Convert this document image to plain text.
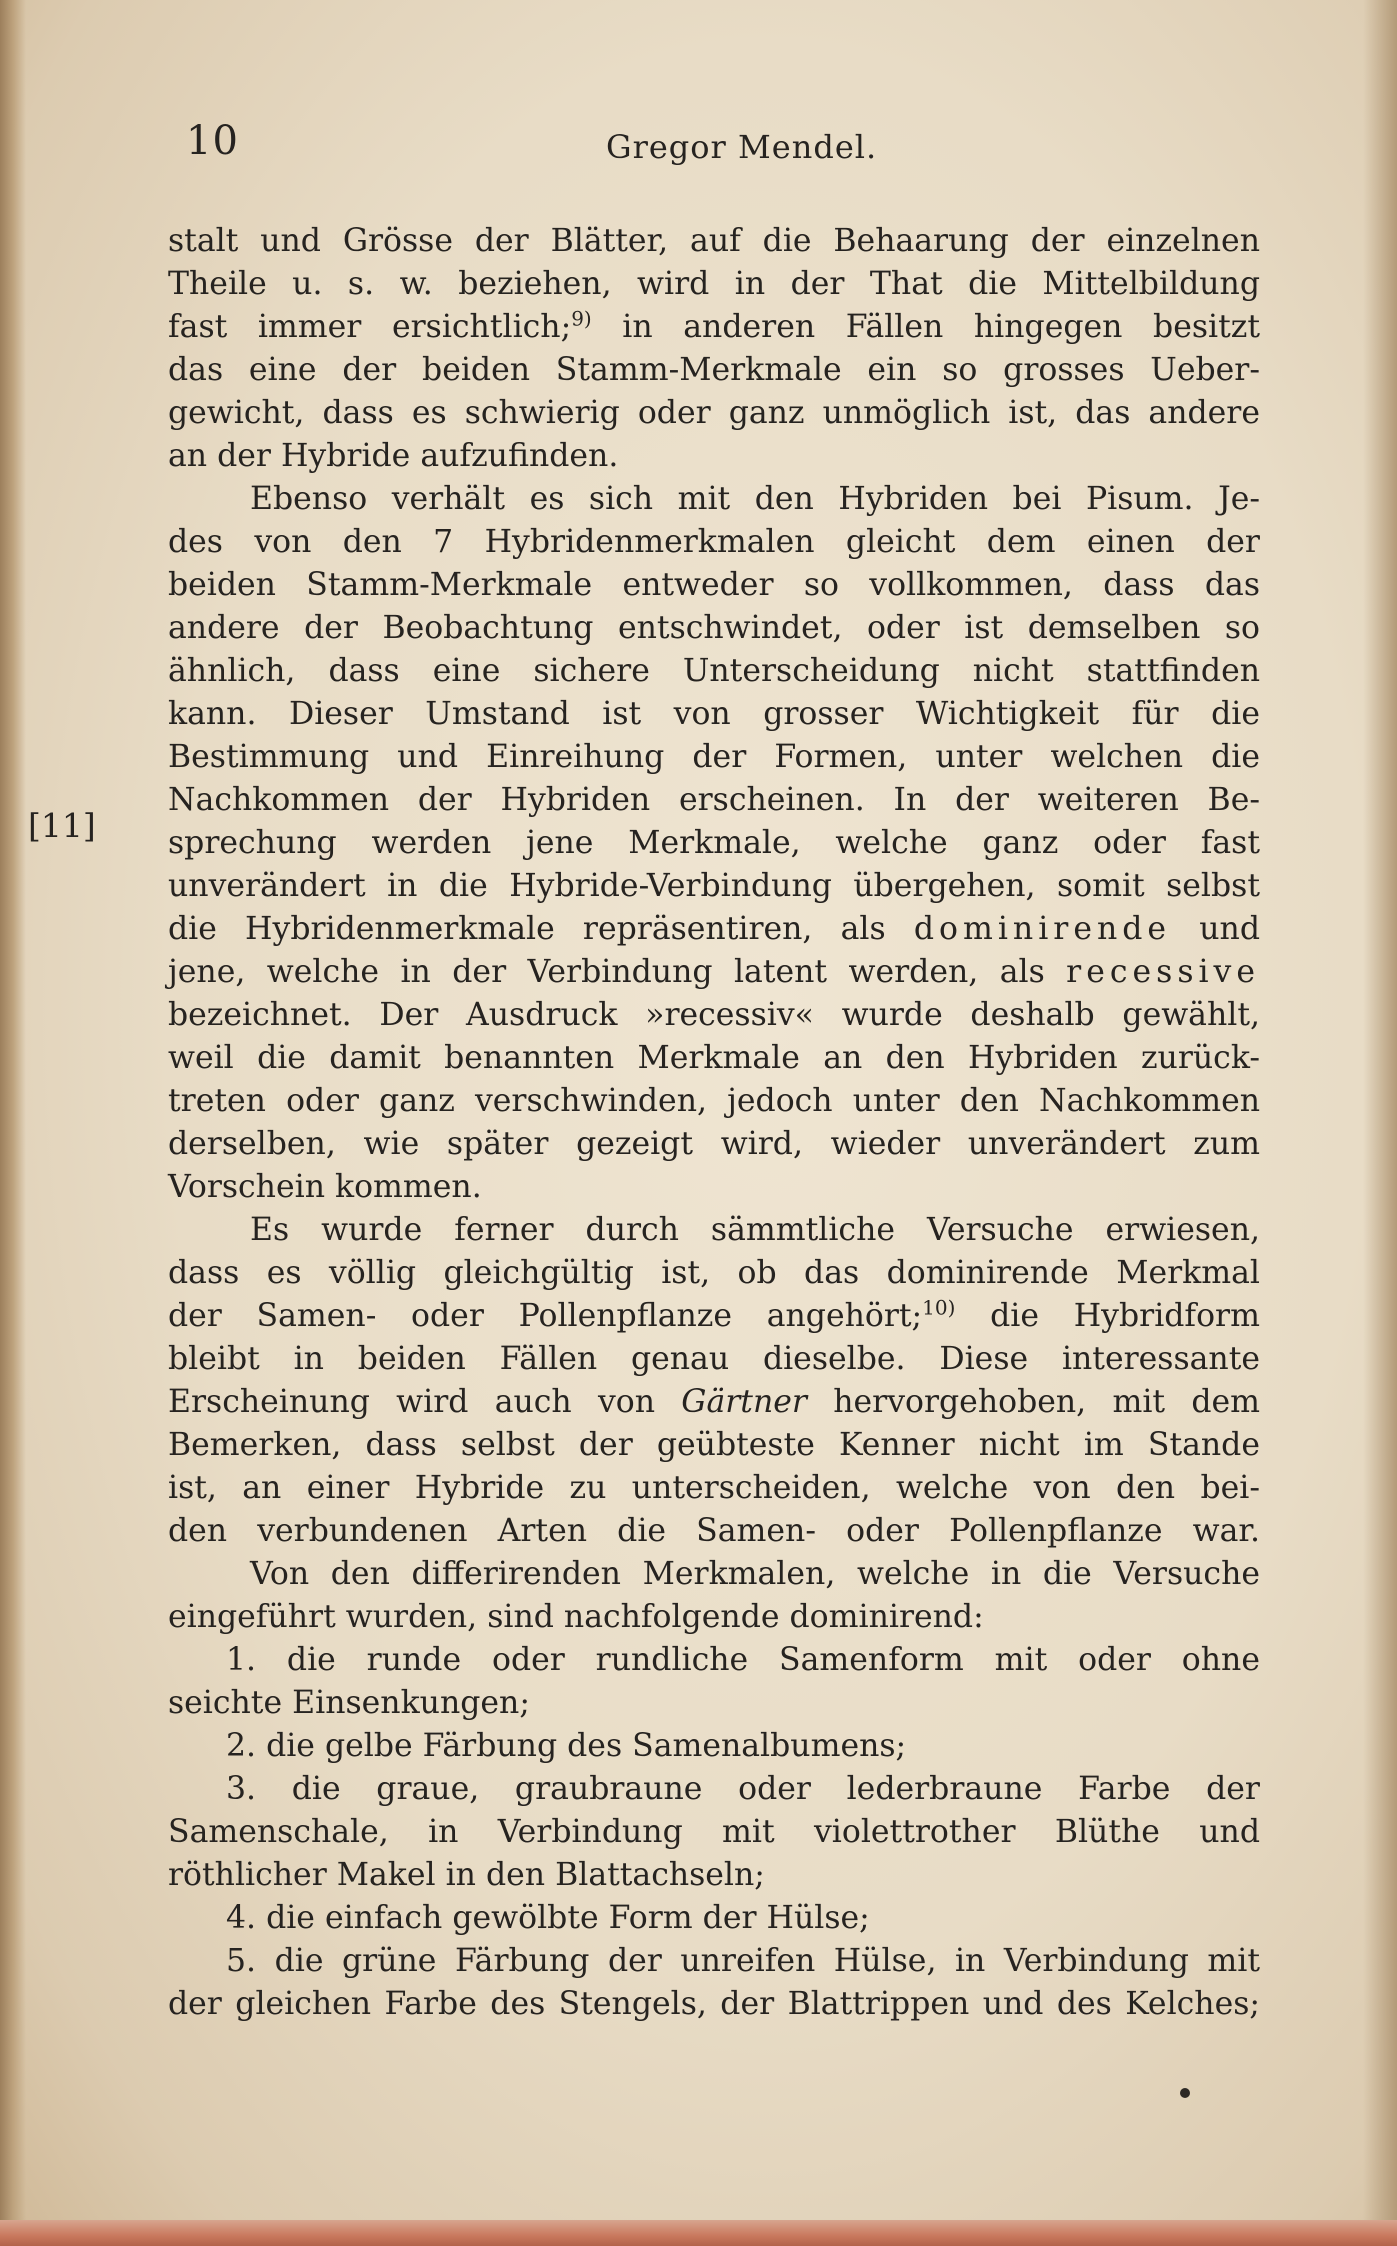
10	Gregor Mendel.
[11]
stalt und Grösse der Blätter, auf die Behaarung der einzelnen
Theile u. s. w. beziehen, wird in der That die Mittelbildung
fast immer ersichtlich;$^{9)}$ in anderen Fällen hingegen besitzt
das eine der beiden Stamm-Merkmale ein so grosses Ueber-
gewicht, dass es schwierig oder ganz unmöglich ist, das andere
an der Hybride aufzufinden.
Ebenso verhält es sich mit den Hybriden bei Pisum. Je-
des von den 7 Hybridenmerkmalen gleicht dem einen der
beiden Stamm-Merkmale entweder so vollkommen, dass das
andere der Beobachtung entschwindet, oder ist demselben so
ähnlich, dass eine sichere Unterscheidung nicht stattfinden
kann. Dieser Umstand ist von grosser Wichtigkeit für die
Bestimmung und Einreihung der Formen, unter welchen die
Nachkommen der Hybriden erscheinen. In der weiteren Be-
sprechung werden jene Merkmale, welche ganz oder fast
unverändert in die Hybride-Verbindung übergehen, somit selbst
die Hybridenmerkmale repräsentiren, als dominirende und
jene, welche in der Verbindung latent werden, als recessive
bezeichnet. Der Ausdruck »recessiv« wurde deshalb gewählt,
weil die damit benannten Merkmale an den Hybriden zurück-
treten oder ganz verschwinden, jedoch unter den Nachkommen
derselben, wie später gezeigt wird, wieder unverändert zum
Vorschein kommen.
Es wurde ferner durch sämmtliche Versuche erwiesen,
dass es völlig gleichgültig ist, ob das dominirende Merkmal
der Samen- oder Pollenpflanze angehört;$^{10)}$ die Hybridform
bleibt in beiden Fällen genau dieselbe. Diese interessante
Erscheinung wird auch von Gärtner hervorgehoben, mit dem
Bemerken, dass selbst der geübteste Kenner nicht im Stande
ist, an einer Hybride zu unterscheiden, welche von den bei-
den verbundenen Arten die Samen- oder Pollenpflanze war.
Von den differirenden Merkmalen, welche in die Versuche
eingeführt wurden, sind nachfolgende dominirend:
1. die runde oder rundliche Samenform mit oder ohne
seichte Einsenkungen;
2. die gelbe Färbung des Samenalbumens;
3. die graue, graubraune oder lederbraune Farbe der
Samenschale, in Verbindung mit violettrother Blüthe und
röthlicher Makel in den Blattachseln;
4. die einfach gewölbte Form der Hülse;
5. die grüne Färbung der unreifen Hülse, in Verbindung mit
der gleichen Farbe des Stengels, der Blattrippen und des Kelches;
